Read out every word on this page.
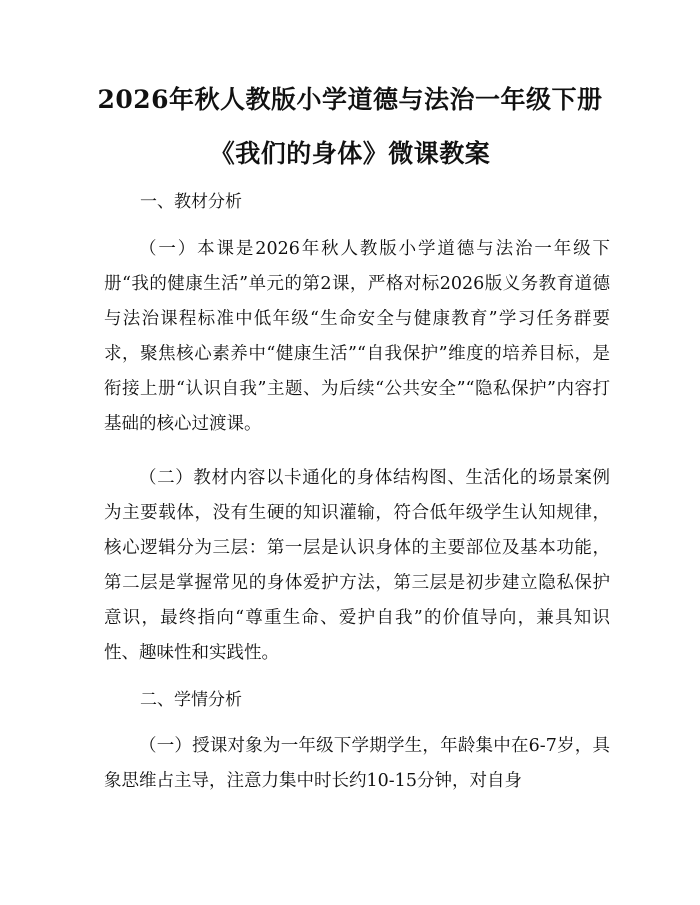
2026年秋人教版小学道德与法治一年级下册
《我们的身体》微课教案
一、教材分析

（一）本课是2026年秋人教版小学道德与法治一年级下册“我的健康生活”单元的第2课，严格对标2026版义务教育道德与法治课程标准中低年级“生命安全与健康教育”学习任务群要求，聚焦核心素养中“健康生活”“自我保护”维度的培养目标，是衔接上册“认识自我”主题、为后续“公共安全”“隐私保护”内容打基础的核心过渡课。

（二）教材内容以卡通化的身体结构图、生活化的场景案例为主要载体，没有生硬的知识灌输，符合低年级学生认知规律，核心逻辑分为三层：第一层是认识身体的主要部位及基本功能，第二层是掌握常见的身体爱护方法，第三层是初步建立隐私保护意识，最终指向“尊重生命、爱护自我”的价值导向，兼具知识性、趣味性和实践性。

二、学情分析

（一）授课对象为一年级下学期学生，年龄集中在6-7岁，具象思维占主导，注意力集中时长约10-15分钟，对自身
